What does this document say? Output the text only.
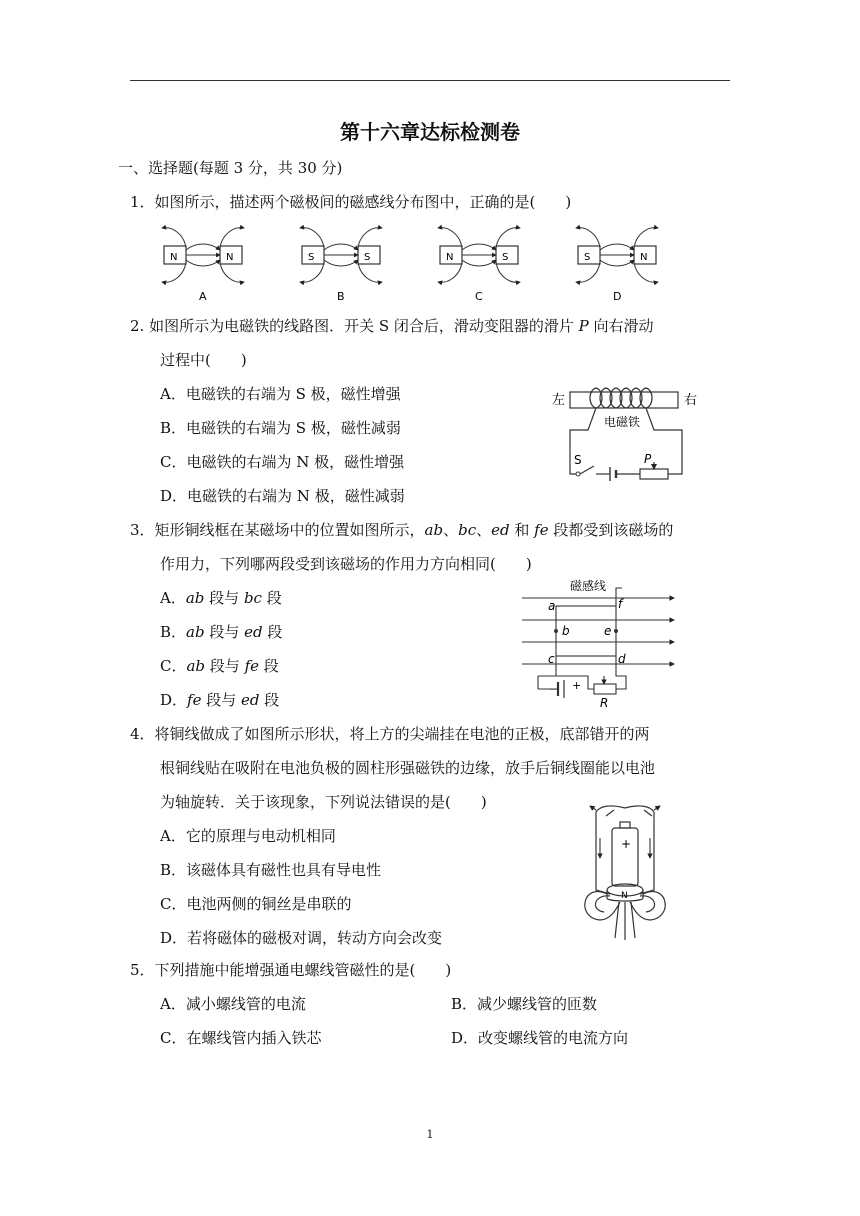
第十六章达标检测卷
一、选择题(每题 3 分，共 30 分)
1．如图所示，描述两个磁极间的磁感线分布图中，正确的是(　　)
N	N
A
S	S
B
N	S
C
S	N
D
2. 如图所示为电磁铁的线路图．开关 S 闭合后，滑动变阻器的滑片 P 向右滑动
过程中(　　)
A．电磁铁的右端为 S 极，磁性增强
B．电磁铁的右端为 S 极，磁性减弱
C．电磁铁的右端为 N 极，磁性增强
D．电磁铁的右端为 N 极，磁性减弱
左	右
电磁铁
S	P
3．矩形铜线框在某磁场中的位置如图所示，ab、bc、ed 和 fe 段都受到该磁场的
作用力，下列哪两段受到该磁场的作用力方向相同(　　)
A．ab 段与 bc 段
B．ab 段与 ed 段
C．ab 段与 fe 段
D．fe 段与 ed 段
磁感线
a
b
c	d
e
f
− +
R
4．将铜线做成了如图所示形状，将上方的尖端挂在电池的正极，底部错开的两
根铜线贴在吸附在电池负极的圆柱形强磁铁的边缘，放手后铜线圈能以电池
为轴旋转．关于该现象，下列说法错误的是(　　)
A．它的原理与电动机相同
B．该磁体具有磁性也具有导电性
C．电池两侧的铜丝是串联的
D．若将磁体的磁极对调，转动方向会改变
+
N
5．下列措施中能增强通电螺线管磁性的是(　　)
A．减小螺线管的电流	B．减少螺线管的匝数
C．在螺线管内插入铁芯	D．改变螺线管的电流方向
1
